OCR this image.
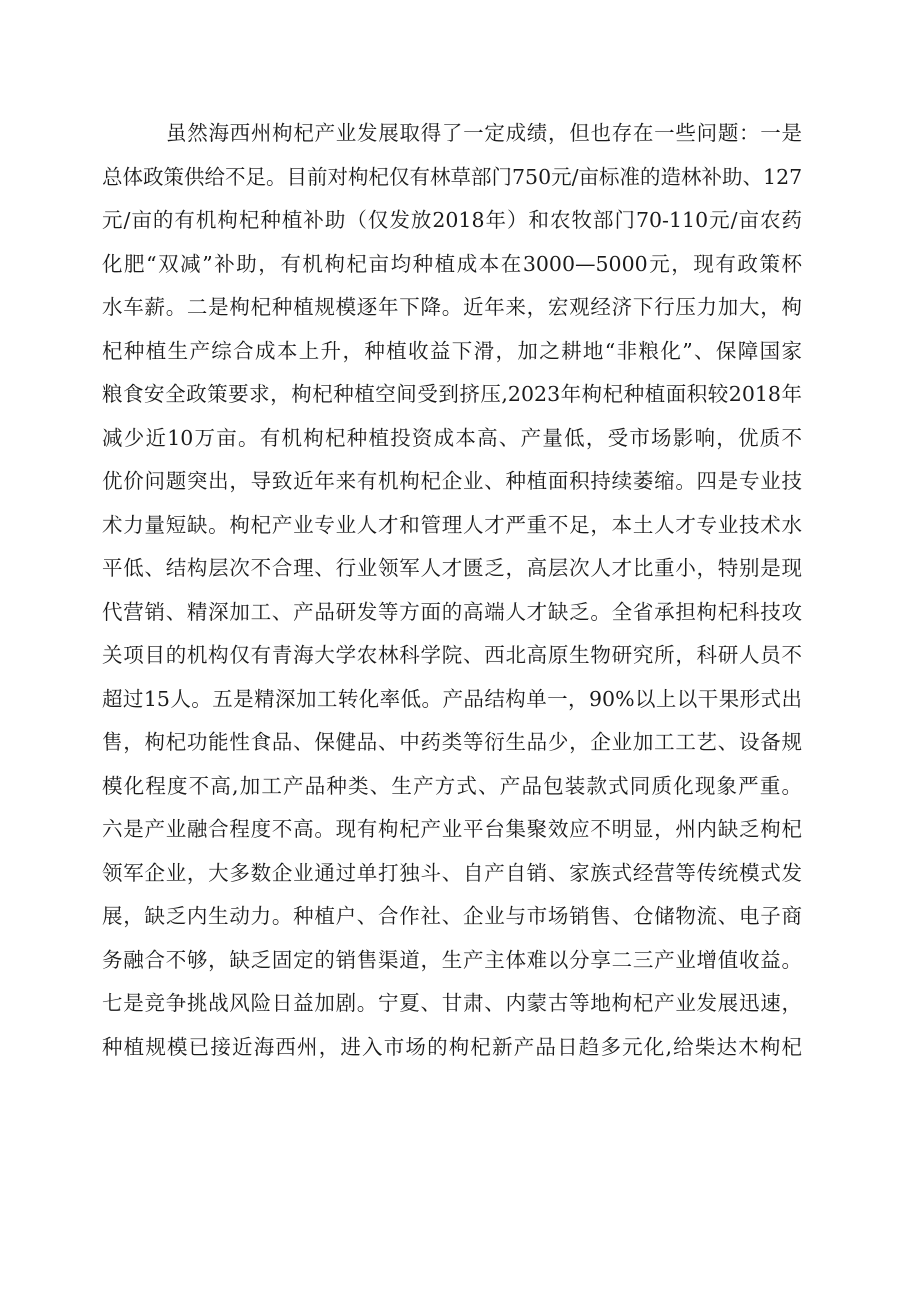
虽然海西州枸杞产业发展取得了一定成绩，但也存在一些问题：一是
总体政策供给不足。目前对枸杞仅有林草部门750元/亩标准的造林补助、127
元/亩的有机枸杞种植补助（仅发放2018年）和农牧部门70-110元/亩农药
化肥“双减”补助，有机枸杞亩均种植成本在3000—5000元，现有政策杯
水车薪。二是枸杞种植规模逐年下降。近年来，宏观经济下行压力加大，枸
杞种植生产综合成本上升，种植收益下滑，加之耕地“非粮化”、保障国家
粮食安全政策要求，枸杞种植空间受到挤压,2023年枸杞种植面积较2018年
减少近10万亩。有机枸杞种植投资成本高、产量低，受市场影响，优质不
优价问题突出，导致近年来有机枸杞企业、种植面积持续萎缩。四是专业技
术力量短缺。枸杞产业专业人才和管理人才严重不足，本土人才专业技术水
平低、结构层次不合理、行业领军人才匮乏，高层次人才比重小，特别是现
代营销、精深加工、产品研发等方面的高端人才缺乏。全省承担枸杞科技攻
关项目的机构仅有青海大学农林科学院、西北高原生物研究所，科研人员不
超过15人。五是精深加工转化率低。产品结构单一，90%以上以干果形式出
售，枸杞功能性食品、保健品、中药类等衍生品少，企业加工工艺、设备规
模化程度不高,加工产品种类、生产方式、产品包装款式同质化现象严重。
六是产业融合程度不高。现有枸杞产业平台集聚效应不明显，州内缺乏枸杞
领军企业，大多数企业通过单打独斗、自产自销、家族式经营等传统模式发
展，缺乏内生动力。种植户、合作社、企业与市场销售、仓储物流、电子商
务融合不够，缺乏固定的销售渠道，生产主体难以分享二三产业增值收益。
七是竞争挑战风险日益加剧。宁夏、甘肃、内蒙古等地枸杞产业发展迅速，
种植规模已接近海西州，进入市场的枸杞新产品日趋多元化,给柴达木枸杞
